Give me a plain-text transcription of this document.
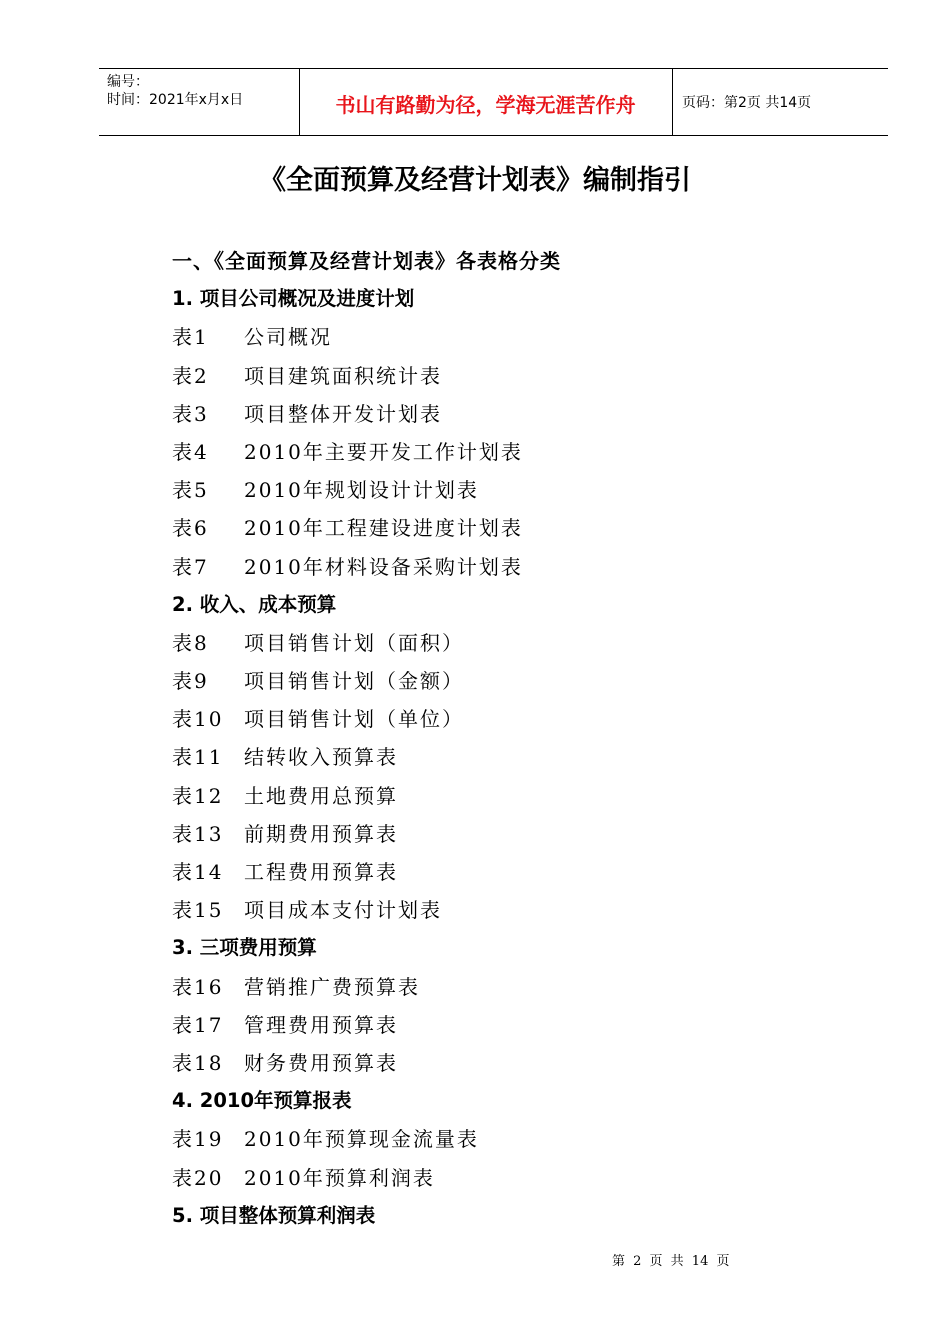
编号：
时间：2021年x月x日	书山有路勤为径，学海无涯苦作舟	页码：第2页 共14页
《全面预算及经营计划表》编制指引
一、《全面预算及经营计划表》各表格分类
1. 项目公司概况及进度计划
表1 公司概况
表2 项目建筑面积统计表
表3 项目整体开发计划表
表4 2010年主要开发工作计划表
表5 2010年规划设计计划表
表6 2010年工程建设进度计划表
表7 2010年材料设备采购计划表
2. 收入、成本预算
表8 项目销售计划（面积）
表9 项目销售计划（金额）
表10 项目销售计划（单位）
表11 结转收入预算表
表12 土地费用总预算
表13 前期费用预算表
表14 工程费用预算表
表15 项目成本支付计划表
3. 三项费用预算
表16 营销推广费预算表
表17 管理费用预算表
表18 财务费用预算表
4. 2010年预算报表
表19 2010年预算现金流量表
表20 2010年预算利润表
5. 项目整体预算利润表
第 2 页 共 14 页
